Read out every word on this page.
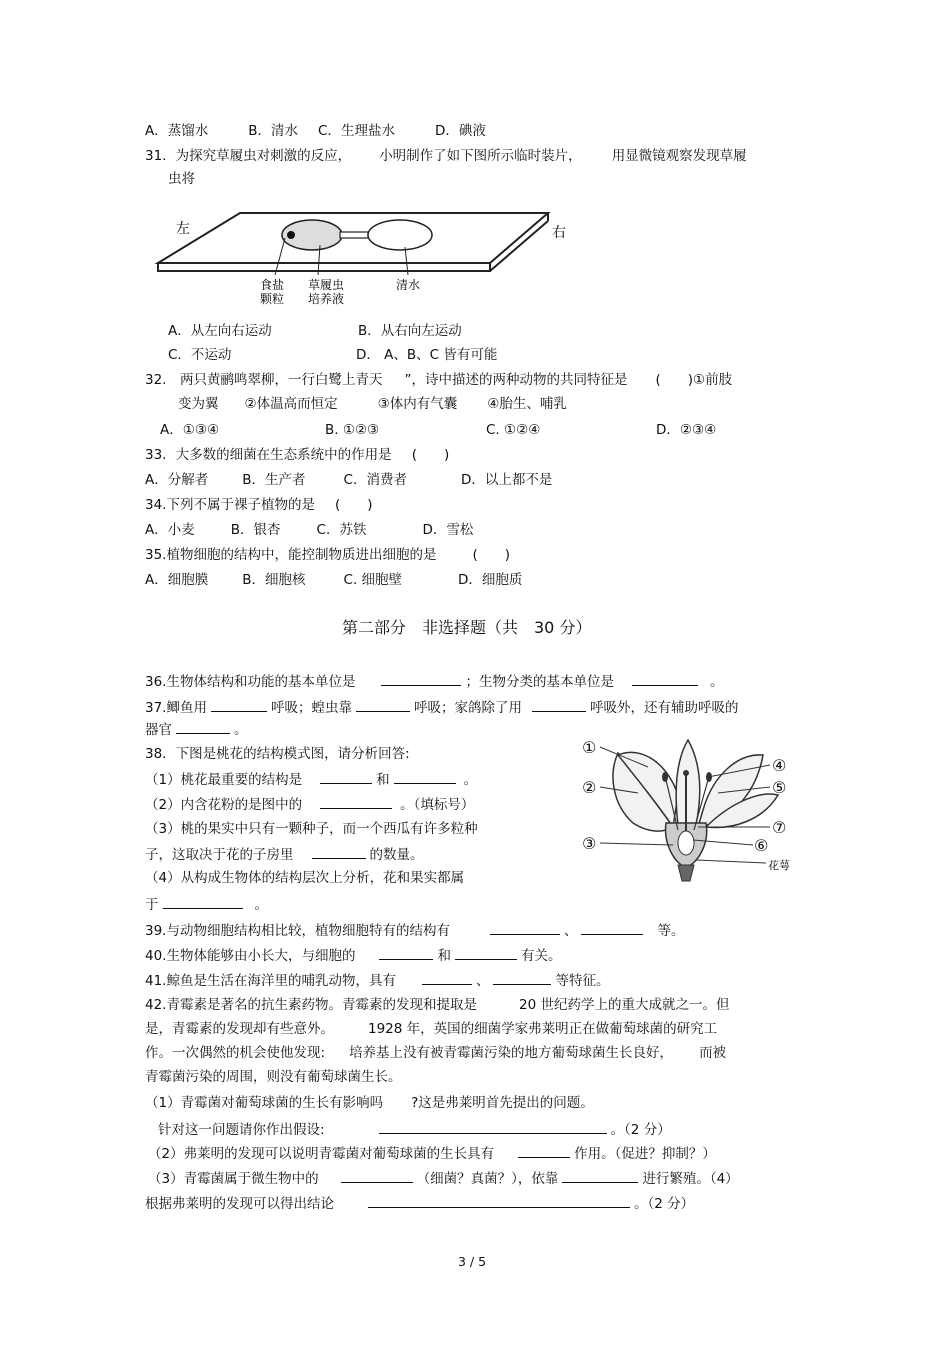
A．蒸馏水	B．清水 C．生理盐水	D．碘液
31．为探究草履虫对刺激的反应， 小明制作了如下图所示临时装片， 用显微镜观察发现草履
虫将
左	右
食盐
颗粒
草履虫
培养液
清水
A．从左向右运动	B．从右向左运动
C．不运动	D． A、B、C 皆有可能
32.　两只黄鹂鸣翠柳，一行白鹭上青天 ”，诗中描述的两种动物的共同特征是 (　　)①前肢
变为翼 ②体温高而恒定	③体内有气囊 ④胎生、哺乳
A．①③④	B. ①②③	C. ①②④	D．②③④
33．大多数的细菌在生态系统中的作用是 (　　)
A．分解者	B．生产者	C．消费者	D．以上都不是
34.下列不属于裸子植物的是 (　　)
A．小麦	B．银杏	C．苏铁	D．雪松
35.植物细胞的结构中，能控制物质进出细胞的是	(　　)
A．细胞膜	B．细胞核	C. 细胞壁	D．细胞质
第二部分　非选择题（共　30 分）
36.生物体结构和功能的基本单位是	；生物分类的基本单位是	。
37.鲫鱼用	呼吸；蝗虫靠	呼吸；家鸽除了用	呼吸外，还有辅助呼吸的
器官	。
38．下图是桃花的结构模式图，请分析回答:
（1）桃花最重要的结构是	和	。
（2）内含花粉的是图中的	。（填标号）
（3）桃的果实中只有一颗种子，而一个西瓜有许多粒种
子，这取决于花的子房里	的数量。
（4）从构成生物体的结构层次上分析，花和果实都属
于	。
①
②
③
④
⑤
⑦
⑥
花萼
39.与动物细胞结构相比较，植物细胞特有的结构有	、	等。
40.生物体能够由小长大，与细胞的	和	有关。
41.鲸鱼是生活在海洋里的哺乳动物，具有	、	等特征。
42.青霉素是著名的抗生素药物。青霉素的发现和提取是	20 世纪药学上的重大成就之一。但
是，青霉素的发现却有些意外。	1928 年，英国的细菌学家弗莱明正在做葡萄球菌的研究工
作。一次偶然的机会使他发现: 培养基上没有被青霉菌污染的地方葡萄球菌生长良好， 而被
青霉菌污染的周围，则没有葡萄球菌生长。
（1）青霉菌对葡萄球菌的生长有影响吗 ?这是弗莱明首先提出的问题。
针对这一问题请你作出假设:	。（2 分）
（2）弗莱明的发现可以说明青霉菌对葡萄球菌的生长具有	作用。（促进？抑制？）
（3）青霉菌属于微生物中的	（细菌？真菌？），依靠	进行繁殖。（4）
根据弗莱明的发现可以得出结论	。（2 分）
3 / 5
